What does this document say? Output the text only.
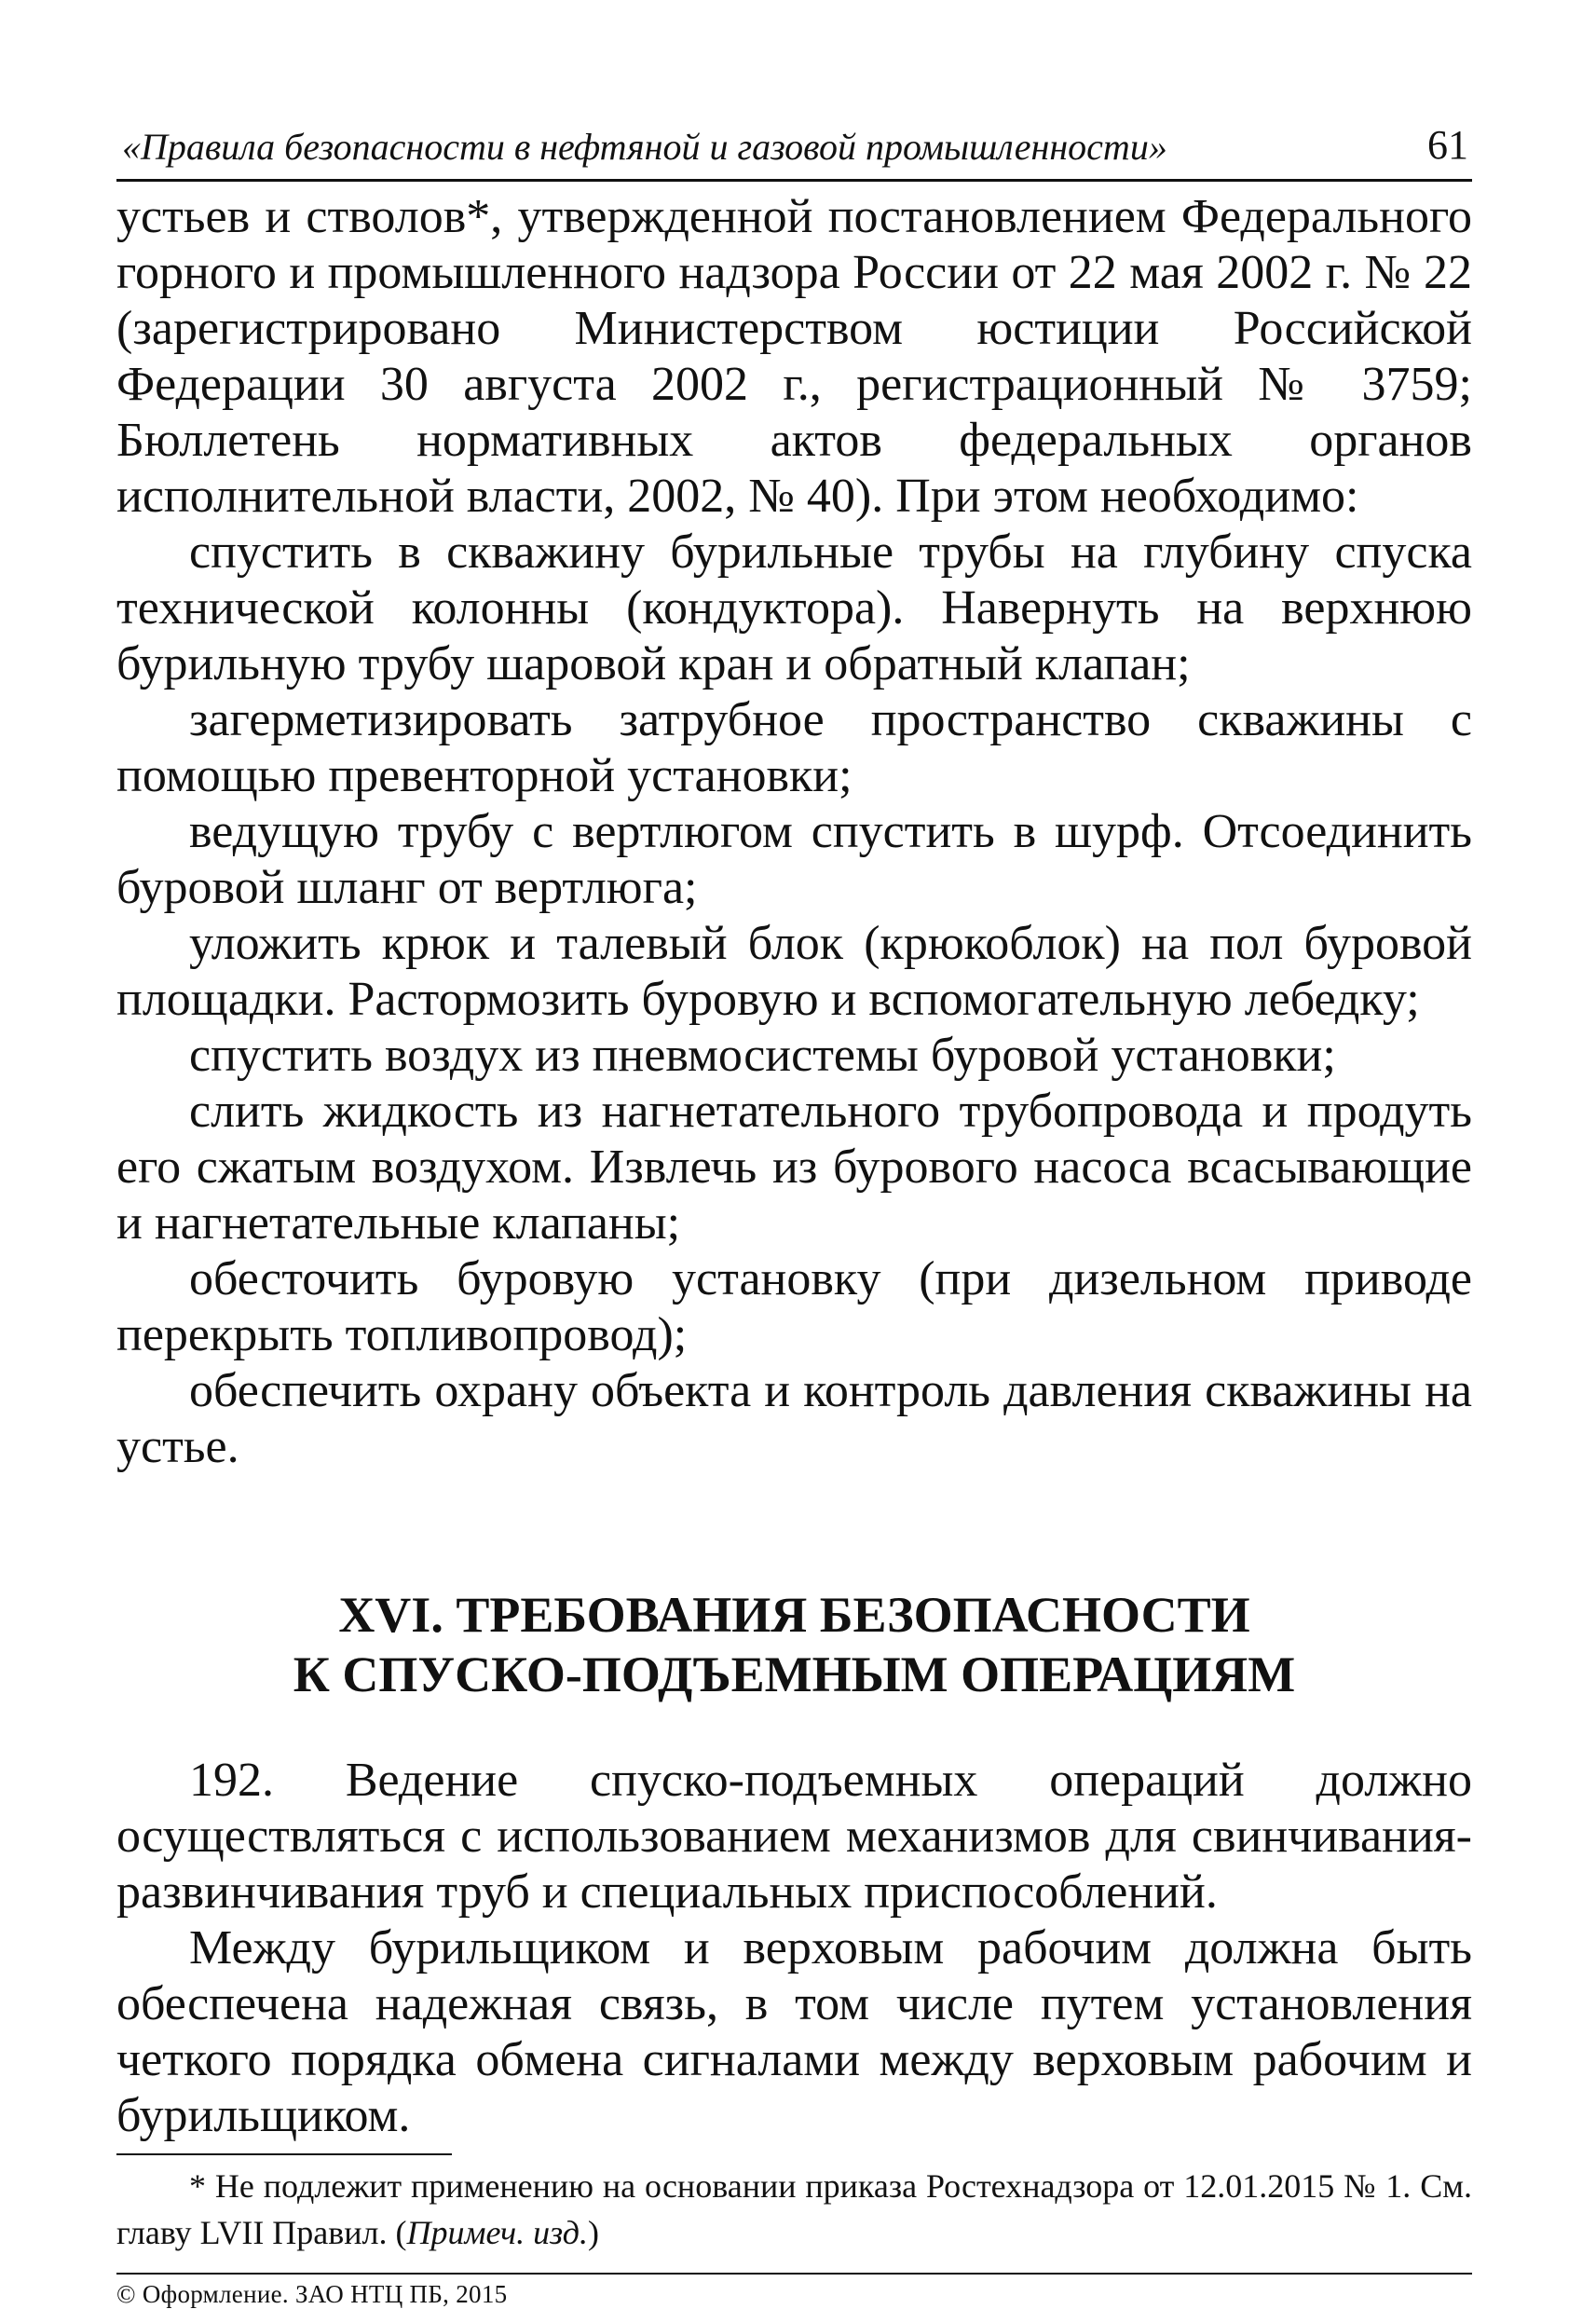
«Правила безопасности в нефтяной и газовой промышленности»	61

устьев и стволов*, утвержденной постановлением Федерального горного и промышленного надзора России от 22 мая 2002 г. № 22 (зарегистрировано Министерством юстиции Российской Федерации 30 августа 2002 г., регистрационный № 3759; Бюллетень нормативных актов федеральных органов исполнительной власти, 2002, № 40). При этом необходимо:

спустить в скважину бурильные трубы на глубину спуска технической колонны (кондуктора). Навернуть на верхнюю бурильную трубу шаровой кран и обратный клапан;

загерметизировать затрубное пространство скважины с помощью превенторной установки;

ведущую трубу с вертлюгом спустить в шурф. Отсоединить буровой шланг от вертлюга;

уложить крюк и талевый блок (крюкоблок) на пол буровой площадки. Растормозить буровую и вспомогательную лебедку;

спустить воздух из пневмосистемы буровой установки;

слить жидкость из нагнетательного трубопровода и продуть его сжатым воздухом. Извлечь из бурового насоса всасывающие и нагнетательные клапаны;

обесточить буровую установку (при дизельном приводе перекрыть топливопровод);

обеспечить охрану объекта и контроль давления скважины на устье.

XVI. ТРЕБОВАНИЯ БЕЗОПАСНОСТИ
К СПУСКО-ПОДЪЕМНЫМ ОПЕРАЦИЯМ

192. Ведение спуско-подъемных операций должно осуществляться с использованием механизмов для свинчивания-развинчивания труб и специальных приспособлений.

Между бурильщиком и верховым рабочим должна быть обеспечена надежная связь, в том числе путем установления четкого порядка обмена сигналами между верховым рабочим и бурильщиком.

* Не подлежит применению на основании приказа Ростехнадзора от 12.01.2015 № 1. См. главу LVII Правил. (Примеч. изд.)
© Оформление. ЗАО НТЦ ПБ, 2015
